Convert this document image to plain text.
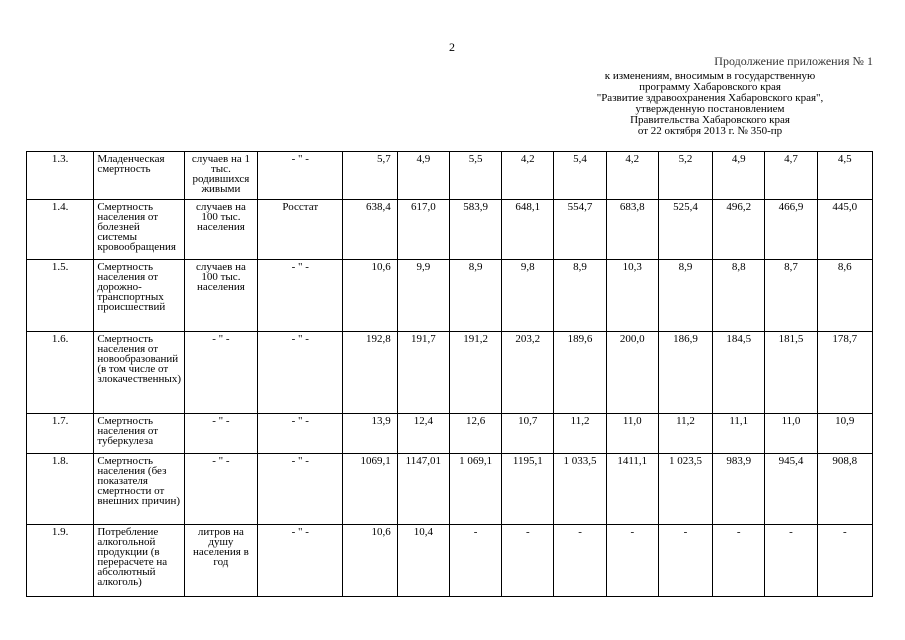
2
Продолжение приложения № 1
к изменениям, вносимым в государственную
программу Хабаровского края
"Развитие здравоохранения Хабаровского края",
утвержденную постановлением
Правительства Хабаровского края
от 22 октября 2013 г. № 350-пр
1.3.	Младенческая смертность	случаев на 1 тыс. родившихся живыми	- " -	5,7	4,9	5,5	4,2	5,4	4,2	5,2	4,9	4,7	4,5
1.4.	Смертность населения от болезней системы кровообращения	случаев на 100 тыс. населения	Росстат	638,4	617,0	583,9	648,1	554,7	683,8	525,4	496,2	466,9	445,0
1.5.	Смертность населения от дорожно-транспортных происшествий	случаев на 100 тыс. населения	- " -	10,6	9,9	8,9	9,8	8,9	10,3	8,9	8,8	8,7	8,6
1.6.	Смертность населения от новообразований (в том числе от злокачественных)	- " -	- " -	192,8	191,7	191,2	203,2	189,6	200,0	186,9	184,5	181,5	178,7
1.7.	Смертность населения от туберкулеза	- " -	- " -	13,9	12,4	12,6	10,7	11,2	11,0	11,2	11,1	11,0	10,9
1.8.	Смертность населения (без показателя смертности от внешних причин)	- " -	- " -	1069,1	1147,01	1 069,1	1195,1	1 033,5	1411,1	1 023,5	983,9	945,4	908,8
1.9.	Потребление алкогольной продукции (в перерасчете на абсолютный алкоголь)	литров на душу населения в год	- " -	10,6	10,4	-	-	-	-	-	-	-	-
